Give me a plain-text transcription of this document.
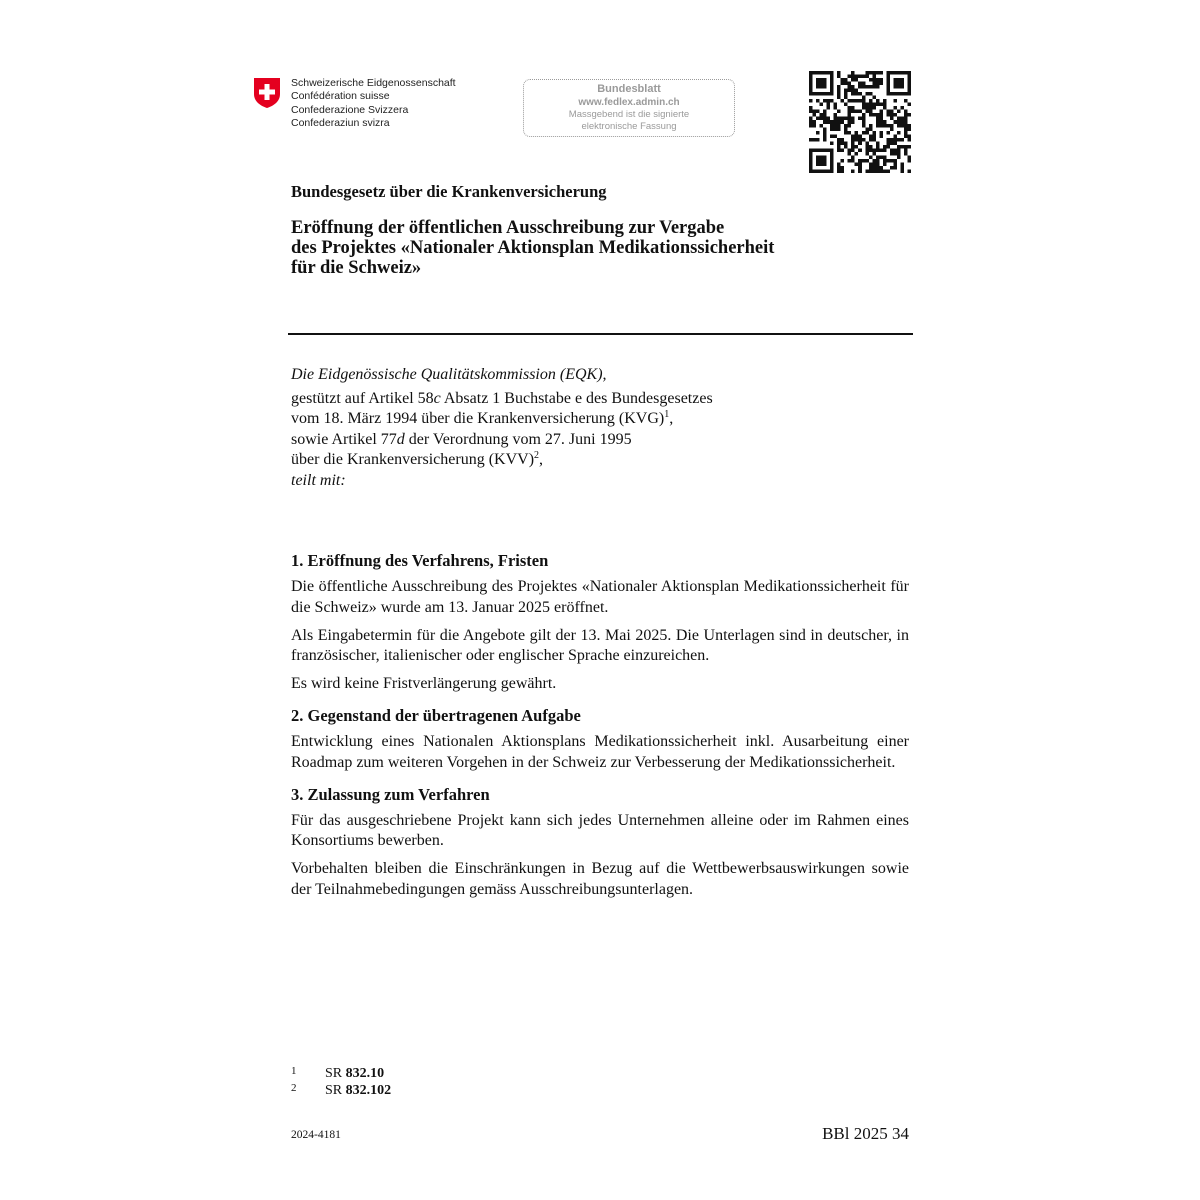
Schweizerische Eidgenossenschaft
Confédération suisse
Confederazione Svizzera
Confederaziun svizra
Bundesblatt
www.fedlex.admin.ch
Massgebend ist die signierte
elektronische Fassung
Bundesgesetz über die Krankenversicherung
Eröffnung der öffentlichen Ausschreibung zur Vergabe
des Projektes «Nationaler Aktionsplan Medikationssicherheit
für die Schweiz»
Die Eidgenössische Qualitätskommission (EQK),
gestützt auf Artikel 58c Absatz 1 Buchstabe e des Bundesgesetzes
vom 18. März 1994 über die Krankenversicherung (KVG)$^1$,
sowie Artikel 77d der Verordnung vom 27. Juni 1995
über die Krankenversicherung (KVV)$^2$,
teilt mit:
1. Eröffnung des Verfahrens, Fristen

Die öffentliche Ausschreibung des Projektes «Nationaler Aktionsplan Medikationssicherheit für die Schweiz» wurde am 13. Januar 2025 eröffnet.

Als Eingabetermin für die Angebote gilt der 13. Mai 2025. Die Unterlagen sind in deutscher, in französischer, italienischer oder englischer Sprache einzureichen.

Es wird keine Fristverlängerung gewährt.

2. Gegenstand der übertragenen Aufgabe

Entwicklung eines Nationalen Aktionsplans Medikationssicherheit inkl. Ausarbeitung einer Roadmap zum weiteren Vorgehen in der Schweiz zur Verbesserung der Medikationssicherheit.

3. Zulassung zum Verfahren

Für das ausgeschriebene Projekt kann sich jedes Unternehmen alleine oder im Rahmen eines Konsortiums bewerben.

Vorbehalten bleiben die Einschränkungen in Bezug auf die Wettbewerbsauswirkungen sowie der Teilnahmebedingungen gemäss Ausschreibungsunterlagen.

1 SR 832.10
2 SR 832.102
2024-4181	BBl 2025 34
